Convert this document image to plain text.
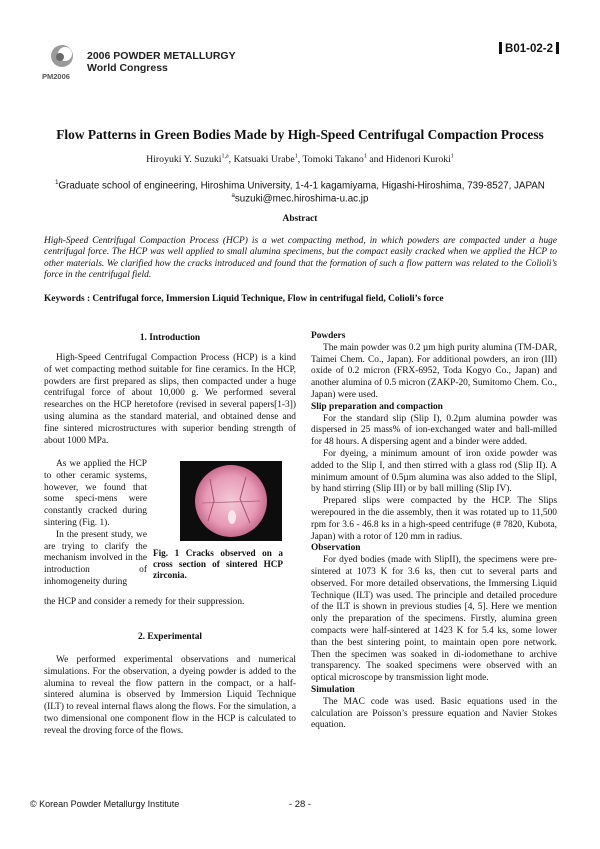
PM2006
2006 POWDER METALLURGY
World Congress
B01-02-2
Flow Patterns in Green Bodies Made by High-Speed Centrifugal Compaction Process
Hiroyuki Y. Suzuki$^{1,a}$, Katsuaki Urabe$^1$, Tomoki Takano$^1$ and Hidenori Kuroki$^1$
$^1$Graduate school of engineering, Hiroshima University, 1-4-1 kagamiyama, Higashi-Hiroshima, 739-8527, JAPAN
$^a$suzuki@mec.hiroshima-u.ac.jp
Abstract
High-Speed Centrifugal Compaction Process (HCP) is a wet compacting method, in which powders are compacted under a huge centrifugal force. The HCP was well applied to small alumina specimens, but the compact easily cracked when we applied the HCP to other materials. We clarified how the cracks introduced and found that the formation of such a flow pattern was related to the Colioli’s force in the centrifugal field.
Keywords : Centrifugal force, Immersion Liquid Technique, Flow in centrifugal field, Colioli’s force
1. Introduction

High-Speed Centrifugal Compaction Process (HCP) is a kind of wet compacting method suitable for fine ceramics. In the HCP, powders are first prepared as slips, then compacted under a huge centrifugal force of about 10,000 g. We performed several researches on the HCP heretofore (revised in several papers[1-3]) using alumina as the standard material, and obtained dense and fine sintered microstructures with superior bending strength of about 1000 MPa.

As we applied the HCP to other ceramic systems, however, we found that some speci-mens were constantly cracked during sintering (Fig. 1).

In the present study, we are trying to clarify the mechanism involved in the introduction of inhomogeneity during

Fig. 1 Cracks observed on a cross section of sintered HCP zirconia.

the HCP and consider a remedy for their suppression.

2. Experimental

We performed experimental observations and numerical simulations. For the observation, a dyeing powder is added to the alumina to reveal the flow pattern in the compact, or a half-sintered alumina is observed by Immersion Liquid Technique (ILT) to reveal internal flaws along the flows. For the simulation, a two dimensional one component flow in the HCP is calculated to reveal the droving force of the flows.

Powders

The main powder was 0.2 µm high purity alumina (TM-DAR, Taimei Chem. Co., Japan). For additional powders, an iron (III) oxide of 0.2 micron (FRX-6952, Toda Kogyo Co., Japan) and another alumina of 0.5 micron (ZAKP-20, Sumitomo Chem. Co., Japan) were used.

Slip preparation and compaction

For the standard slip (Slip I), 0.2µm alumina powder was dispersed in 25 mass% of ion-exchanged water and ball-milled for 48 hours. A dispersing agent and a binder were added.

For dyeing, a minimum amount of iron oxide powder was added to the Slip I, and then stirred with a glass rod (Slip II). A minimum amount of 0.5µm alumina was also added to the SlipI, by hand stirring (Slip III) or by ball milling (Slip IV).

Prepared slips were compacted by the HCP. The Slips werepoured in the die assembly, then it was rotated up to 11,500 rpm for 3.6 - 46.8 ks in a high-speed centrifuge (# 7820, Kubota, Japan) with a rotor of 120 mm in radius.

Observation

For dyed bodies (made with SlipII), the specimens were pre-sintered at 1073 K for 3.6 ks, then cut to several parts and observed. For more detailed observations, the Immersing Liquid Technique (ILT) was used. The principle and detailed procedure of the ILT is shown in previous studies [4, 5]. Here we mention only the preparation of the specimens. Firstly, alumina green compacts were half-sintered at 1423 K for 5.4 ks, some lower than the best sintering point, to maintain open pore network. Then the specimen was soaked in di-iodomethane to archive transparency. The soaked specimens were observed with an optical microscope by transmission light mode.

Simulation

The MAC code was used. Basic equations used in the calculation are Poisson’s pressure equation and Navier Stokes equation.

© Korean Powder Metallurgy Institute	- 28 -
